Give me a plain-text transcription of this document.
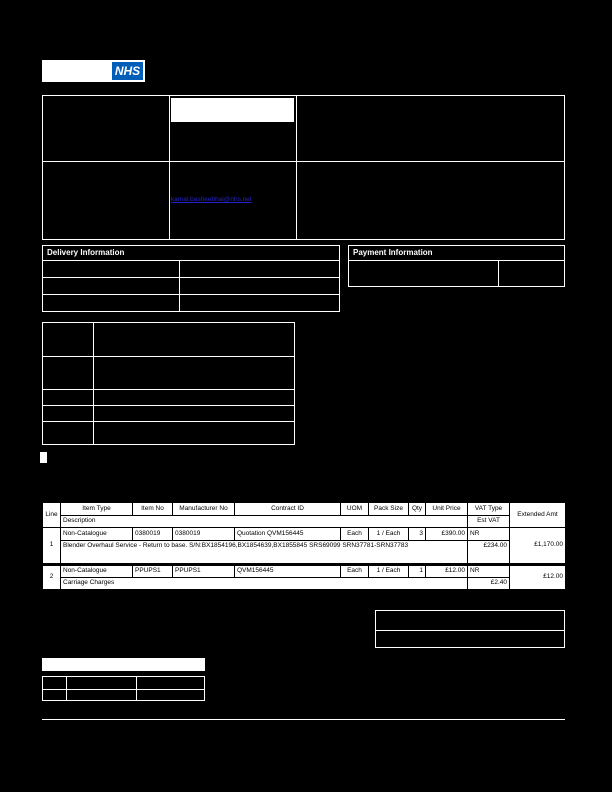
NHS
kamal.basheebhai@nhs.net
Delivery Information	Payment Information
Line	Item Type	Item No	Manufacturer No	Contract ID	UOM	Pack Size	Qty	Unit Price	VAT Type	Extended Amt
	Description								Est VAT	
1	Non-Catalogue	0380019	0380019	Quotation QVM156445	Each	1 / Each	3	£390.00	NR	£1,170.00
	Blender Overhaul Service - Return to base. S/N:BX1854196,BX1854639,BX1855845 SRS69099 SRN37781-SRN37783								£234.00	
2	Non-Catalogue	PPUPS1	PPUPS1	QVM156445	Each	1 / Each	1	£12.00	NR	£12.00
	Carriage Charges								£2.40	
